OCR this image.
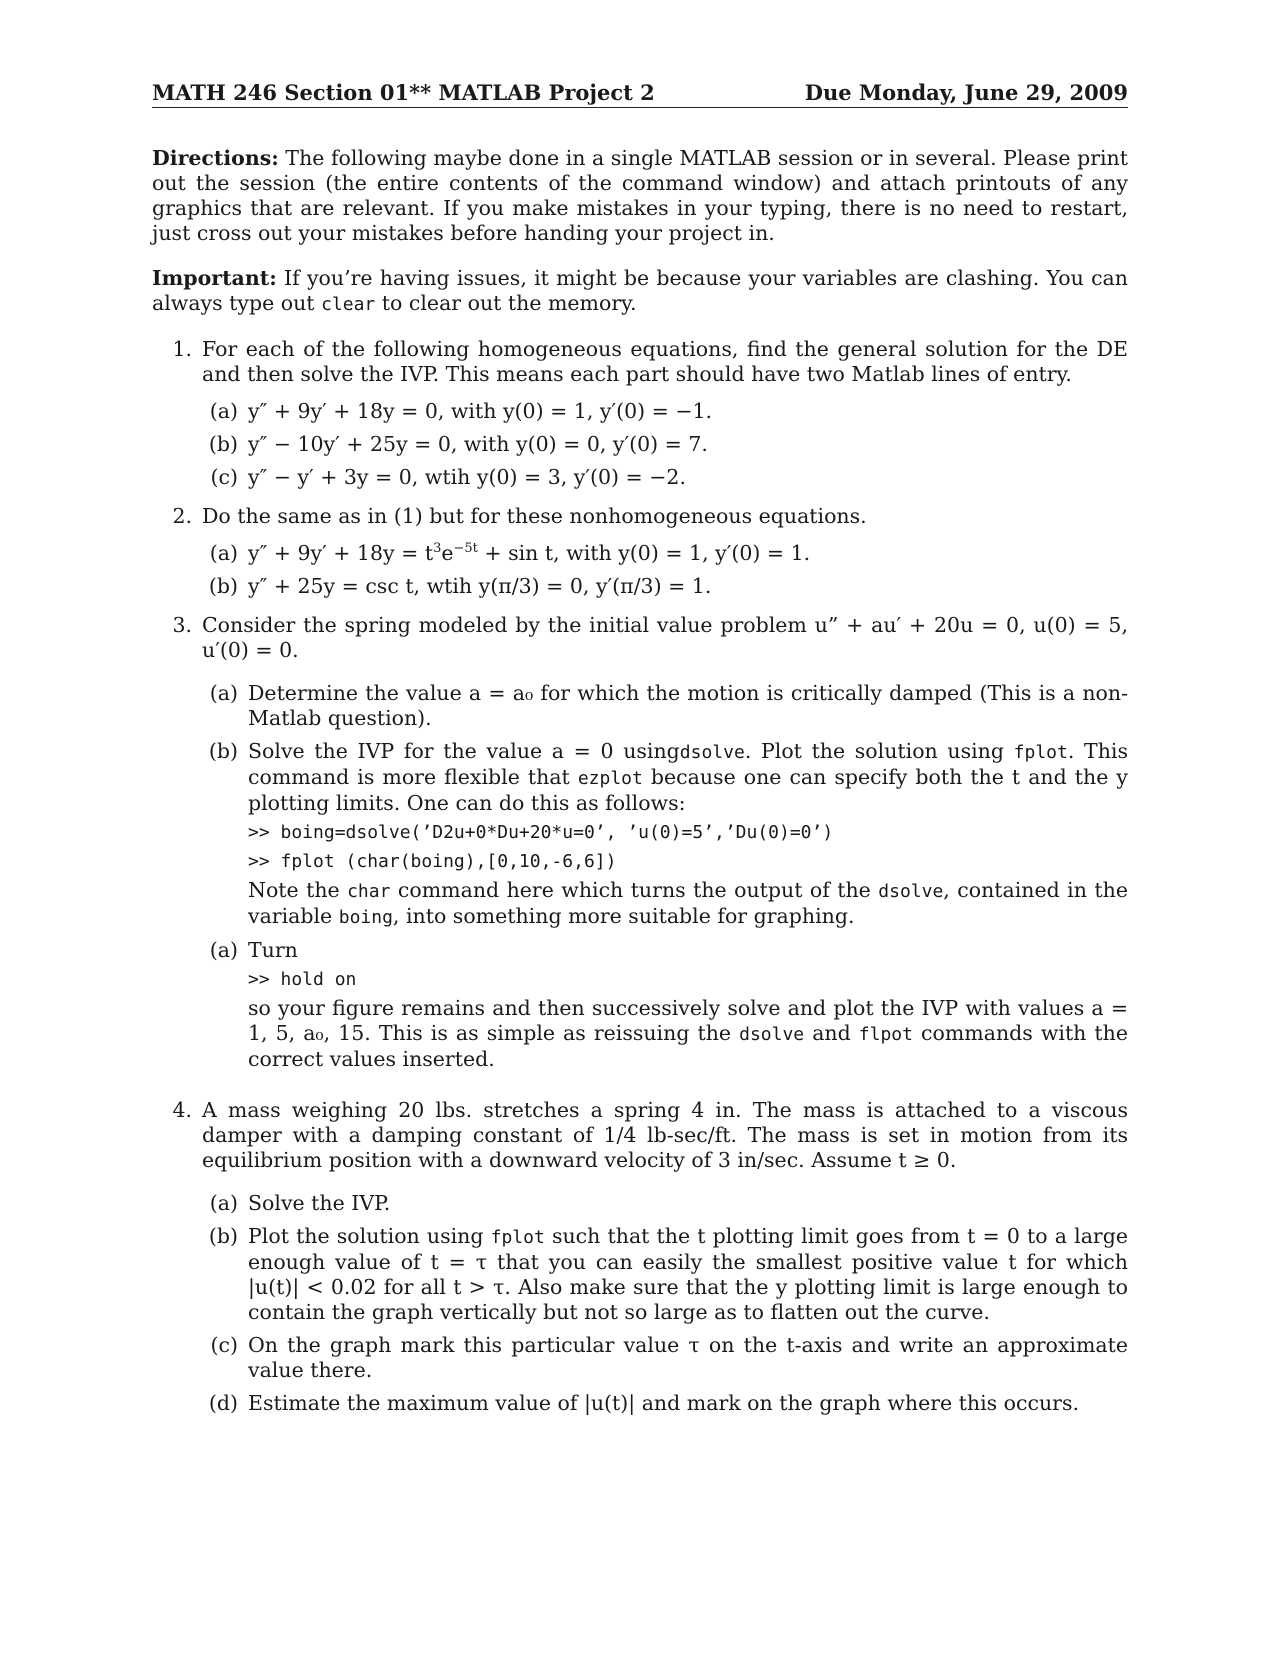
MATH 246 Section 01** MATLAB Project 2	Due Monday, June 29, 2009

Directions: The following maybe done in a single MATLAB session or in several. Please print out the session (the entire contents of the command window) and attach printouts of any graphics that are relevant. If you make mistakes in your typing, there is no need to restart, just cross out your mistakes before handing your project in.

Important: If you’re having issues, it might be because your variables are clashing. You can always type out clear to clear out the memory.

1. For each of the following homogeneous equations, find the general solution for the DE and then solve the IVP. This means each part should have two Matlab lines of entry.

(a) y″ + 9y′ + 18y = 0, with y(0) = 1, y′(0) = −1.
(b) y″ − 10y′ + 25y = 0, with y(0) = 0, y′(0) = 7.
(c) y″ − y′ + 3y = 0, wtih y(0) = 3, y′(0) = −2.
2. Do the same as in (1) but for these nonhomogeneous equations.

(a) $y'' + 9y' + 18y = t^3e^{-5t} + \sin t$, with y(0) = 1, y′(0) = 1.
(b) y″ + 25y = csc t, wtih y(π/3) = 0, y′(π/3) = 1.
3. Consider the spring modeled by the initial value problem u” + au′ + 20u = 0, u(0) = 5, u′(0) = 0.

(a) Determine the value a = a₀ for which the motion is critically damped (This is a non-Matlab question).
(b) Solve the IVP for the value a = 0 usingdsolve. Plot the solution using fplot. This command is more flexible that ezplot because one can specify both the t and the y plotting limits. One can do this as follows:
>> boing=dsolve(’D2u+0*Du+20*u=0’, ’u(0)=5’,’Du(0)=0’)
>> fplot (char(boing),[0,10,-6,6])
Note the char command here which turns the output of the dsolve, contained in the variable boing, into something more suitable for graphing.
(a) Turn
>> hold on
so your figure remains and then successively solve and plot the IVP with values a = 1, 5, a₀, 15. This is as simple as reissuing the dsolve and flpot commands with the correct values inserted.
4. A mass weighing 20 lbs. stretches a spring 4 in. The mass is attached to a viscous damper with a damping constant of 1/4 lb-sec/ft. The mass is set in motion from its equilibrium position with a downward velocity of 3 in/sec. Assume t ≥ 0.

(a) Solve the IVP.
(b) Plot the solution using fplot such that the t plotting limit goes from t = 0 to a large enough value of t = τ that you can easily the smallest positive value t for which |u(t)| < 0.02 for all t > τ. Also make sure that the y plotting limit is large enough to contain the graph vertically but not so large as to flatten out the curve.
(c) On the graph mark this particular value τ on the t-axis and write an approximate value there.
(d) Estimate the maximum value of |u(t)| and mark on the graph where this occurs.
